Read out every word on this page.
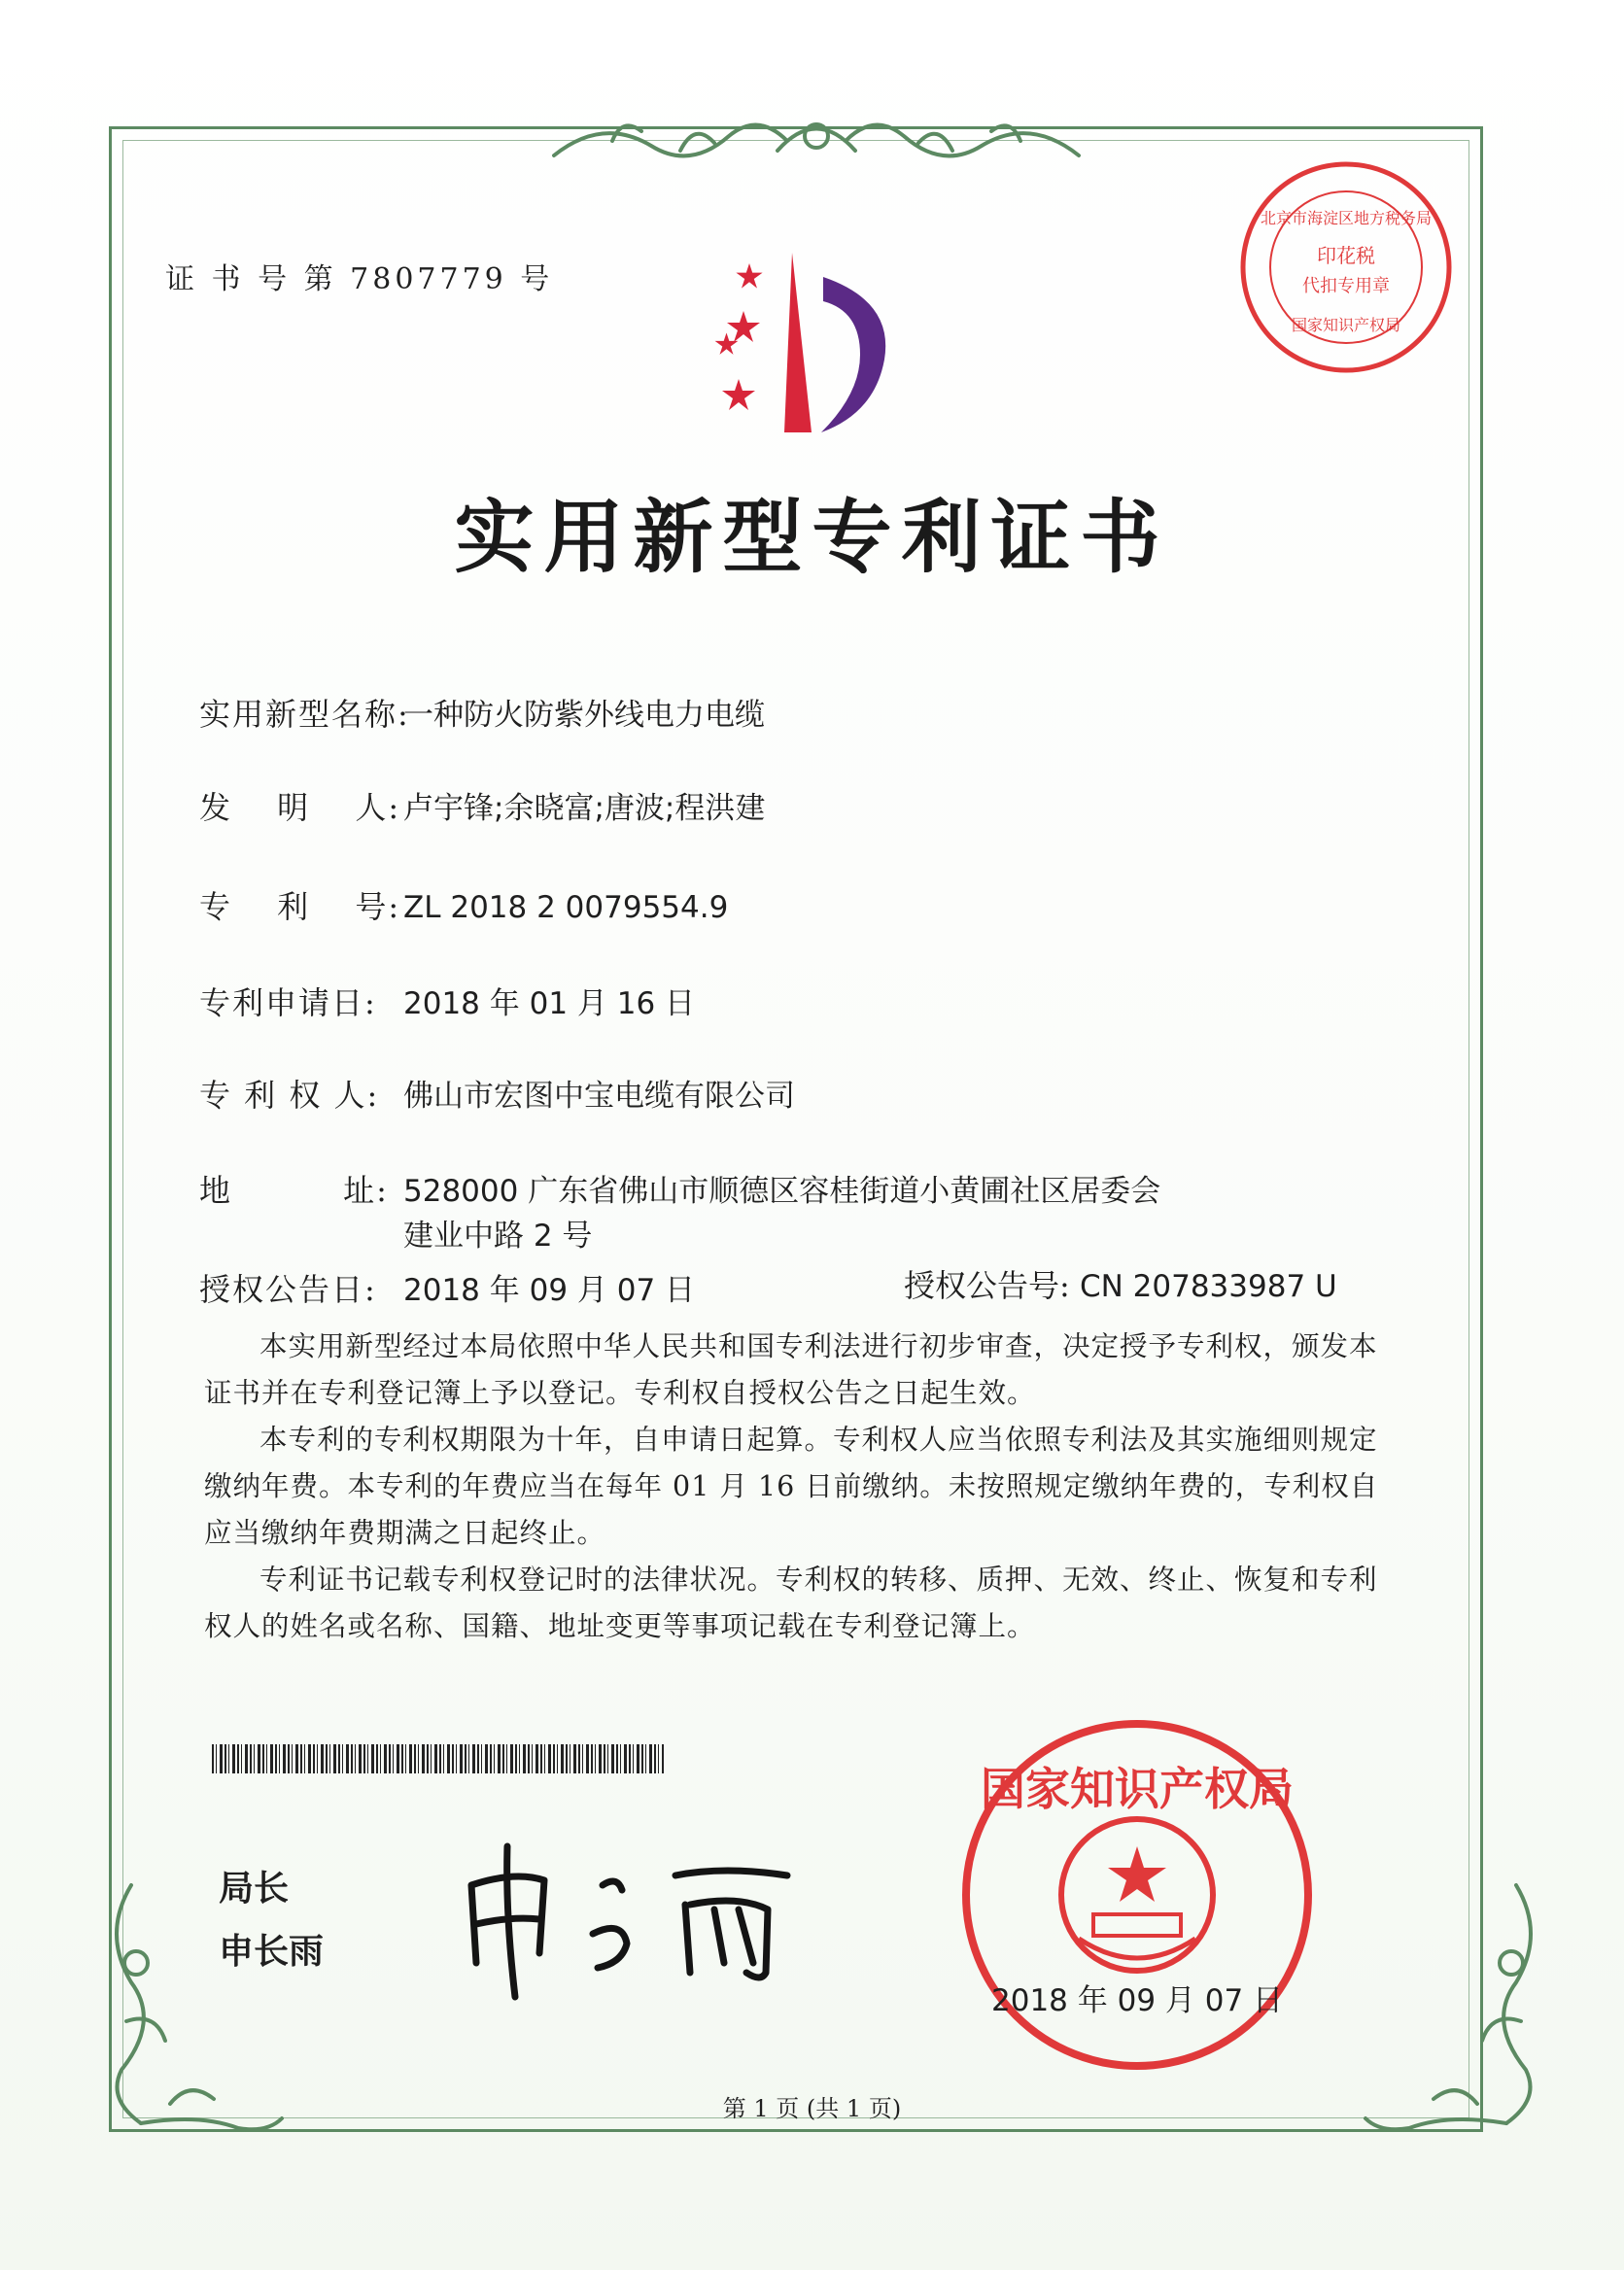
北京市海淀区地方税务局
印花税
代扣专用章
国家知识产权局
证 书 号 第 7807779 号
实用新型专利证书
实用新型名称:一种防火防紫外线电力电缆
发　 明　 人:卢宇锋;余晓富;唐波;程洪建
专　 利　 号:ZL 2018 2 0079554.9
专利申请日: 2018 年 01 月 16 日
专 利 权 人: 佛山市宏图中宝电缆有限公司
地　　　 址: 528000 广东省佛山市顺德区容桂街道小黄圃社区居委会
建业中路 2 号
授权公告日: 2018 年 09 月 07 日	授权公告号: CN 207833987 U

本实用新型经过本局依照中华人民共和国专利法进行初步审查，决定授予专利权，颁发本证书并在专利登记簿上予以登记。专利权自授权公告之日起生效。

本专利的专利权期限为十年，自申请日起算。专利权人应当依照专利法及其实施细则规定缴纳年费。本专利的年费应当在每年 01 月 16 日前缴纳。未按照规定缴纳年费的，专利权自应当缴纳年费期满之日起终止。

专利证书记载专利权登记时的法律状况。专利权的转移、质押、无效、终止、恢复和专利权人的姓名或名称、国籍、地址变更等事项记载在专利登记簿上。

局长
申长雨
国家知识产权局
2018 年 09 月 07 日
第 1 页 (共 1 页)
